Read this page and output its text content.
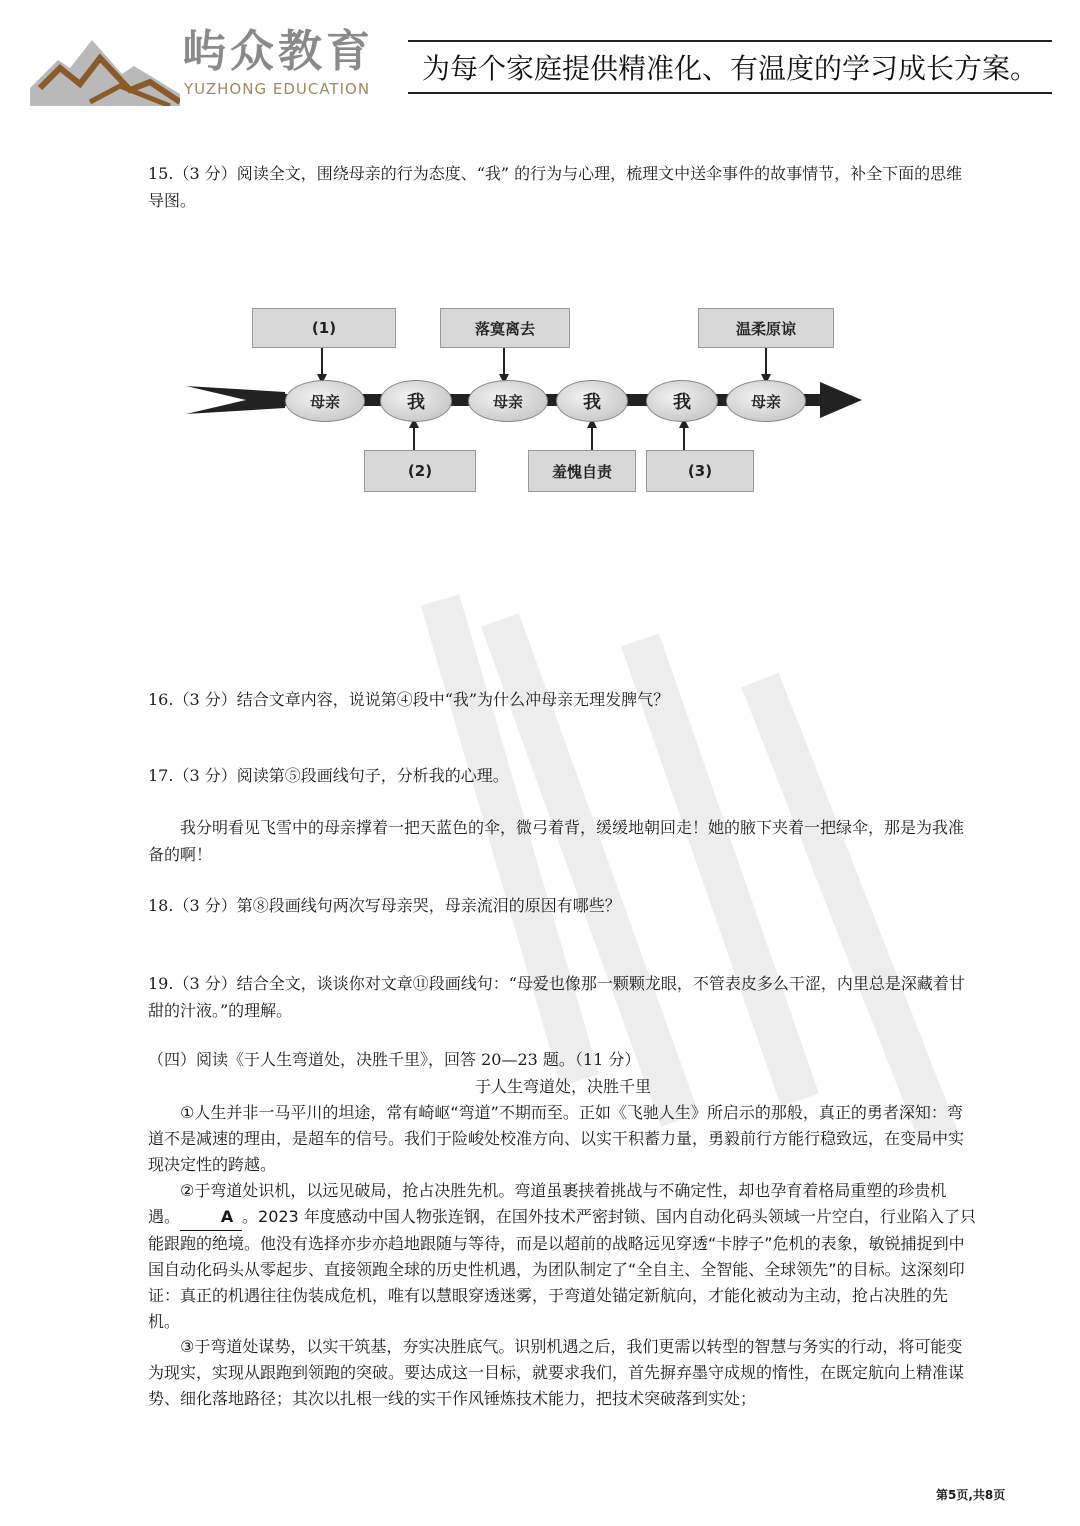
屿众教育
YUZHONG EDUCATION
为每个家庭提供精准化、有温度的学习成长方案。
15.（3 分）阅读全文，围绕母亲的行为态度、“我” 的行为与心理，梳理文中送伞事件的故事情节，补全下面的思维导图。
(1)	落寞离去	温柔原谅
母亲	我	母亲	我	我	母亲
(2)	羞愧自责	(3)
16.（3 分）结合文章内容，说说第④段中“我”为什么冲母亲无理发脾气？
17.（3 分）阅读第⑤段画线句子，分析我的心理。
我分明看见飞雪中的母亲撑着一把天蓝色的伞，微弓着背，缓缓地朝回走！她的腋下夹着一把绿伞，那是为我准备的啊！
18.（3 分）第⑧段画线句两次写母亲哭，母亲流泪的原因有哪些？
19.（3 分）结合全文，谈谈你对文章⑪段画线句：“母爱也像那一颗颗龙眼，不管表皮多么干涩，内里总是深藏着甘甜的汁液。”的理解。
（四）阅读《于人生弯道处，决胜千里》，回答 20—23 题。（11 分）
于人生弯道处，决胜千里
①人生并非一马平川的坦途，常有崎岖“弯道”不期而至。正如《飞驰人生》所启示的那般，真正的勇者深知：弯道不是减速的理由，是超车的信号。我们于险峻处校准方向、以实干积蓄力量，勇毅前行方能行稳致远，在变局中实现决定性的跨越。
②于弯道处识机，以远见破局，抢占决胜先机。弯道虽裹挟着挑战与不确定性，却也孕育着格局重塑的珍贵机遇。	A 。2023 年度感动中国人物张连钢，在国外技术严密封锁、国内自动化码头领域一片空白，行业陷入了只能跟跑的绝境。他没有选择亦步亦趋地跟随与等待，而是以超前的战略远见穿透“卡脖子”危机的表象，敏锐捕捉到中国自动化码头从零起步、直接领跑全球的历史性机遇，为团队制定了“全自主、全智能、全球领先”的目标。这深刻印证：真正的机遇往往伪装成危机，唯有以慧眼穿透迷雾，于弯道处锚定新航向，才能化被动为主动，抢占决胜的先机。
③于弯道处谋势，以实干筑基，夯实决胜底气。识别机遇之后，我们更需以转型的智慧与务实的行动，将可能变为现实，实现从跟跑到领跑的突破。要达成这一目标，就要求我们，首先摒弃墨守成规的惰性，在既定航向上精准谋势、细化落地路径；其次以扎根一线的实干作风锤炼技术能力，把技术突破落到实处；
第5页,共8页
